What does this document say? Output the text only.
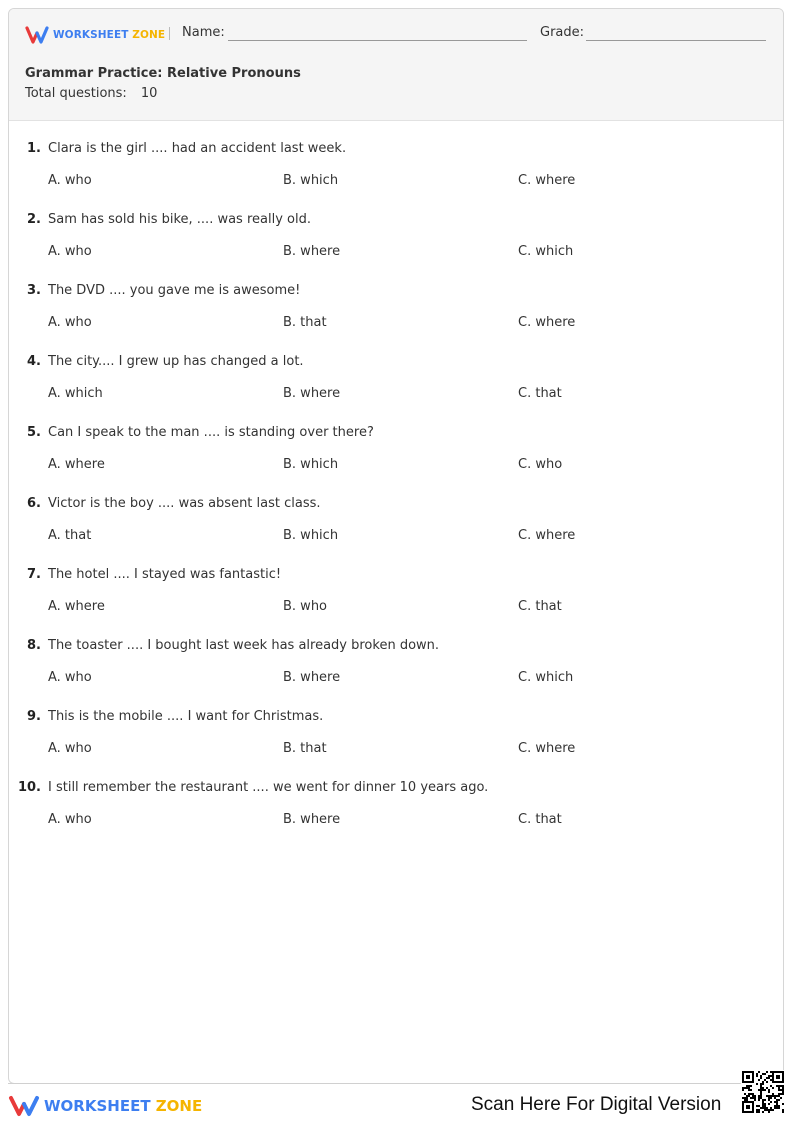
WORKSHEET ZONE Name:	Grade:
Grammar Practice: Relative Pronouns
Total questions: 10
1. Clara is the girl .... had an accident last week.
A. who	B. which	C. where
2. Sam has sold his bike, .... was really old.
A. who	B. where	C. which
3. The DVD .... you gave me is awesome!
A. who	B. that	C. where
4. The city.... I grew up has changed a lot.
A. which	B. where	C. that
5. Can I speak to the man .... is standing over there?
A. where	B. which	C. who
6. Victor is the boy .... was absent last class.
A. that	B. which	C. where
7. The hotel .... I stayed was fantastic!
A. where	B. who	C. that
8. The toaster .... I bought last week has already broken down.
A. who	B. where	C. which
9. This is the mobile .... I want for Christmas.
A. who	B. that	C. where
10. I still remember the restaurant .... we went for dinner 10 years ago.
A. who	B. where	C. that
WORKSHEET ZONE	Scan Here For Digital Version
